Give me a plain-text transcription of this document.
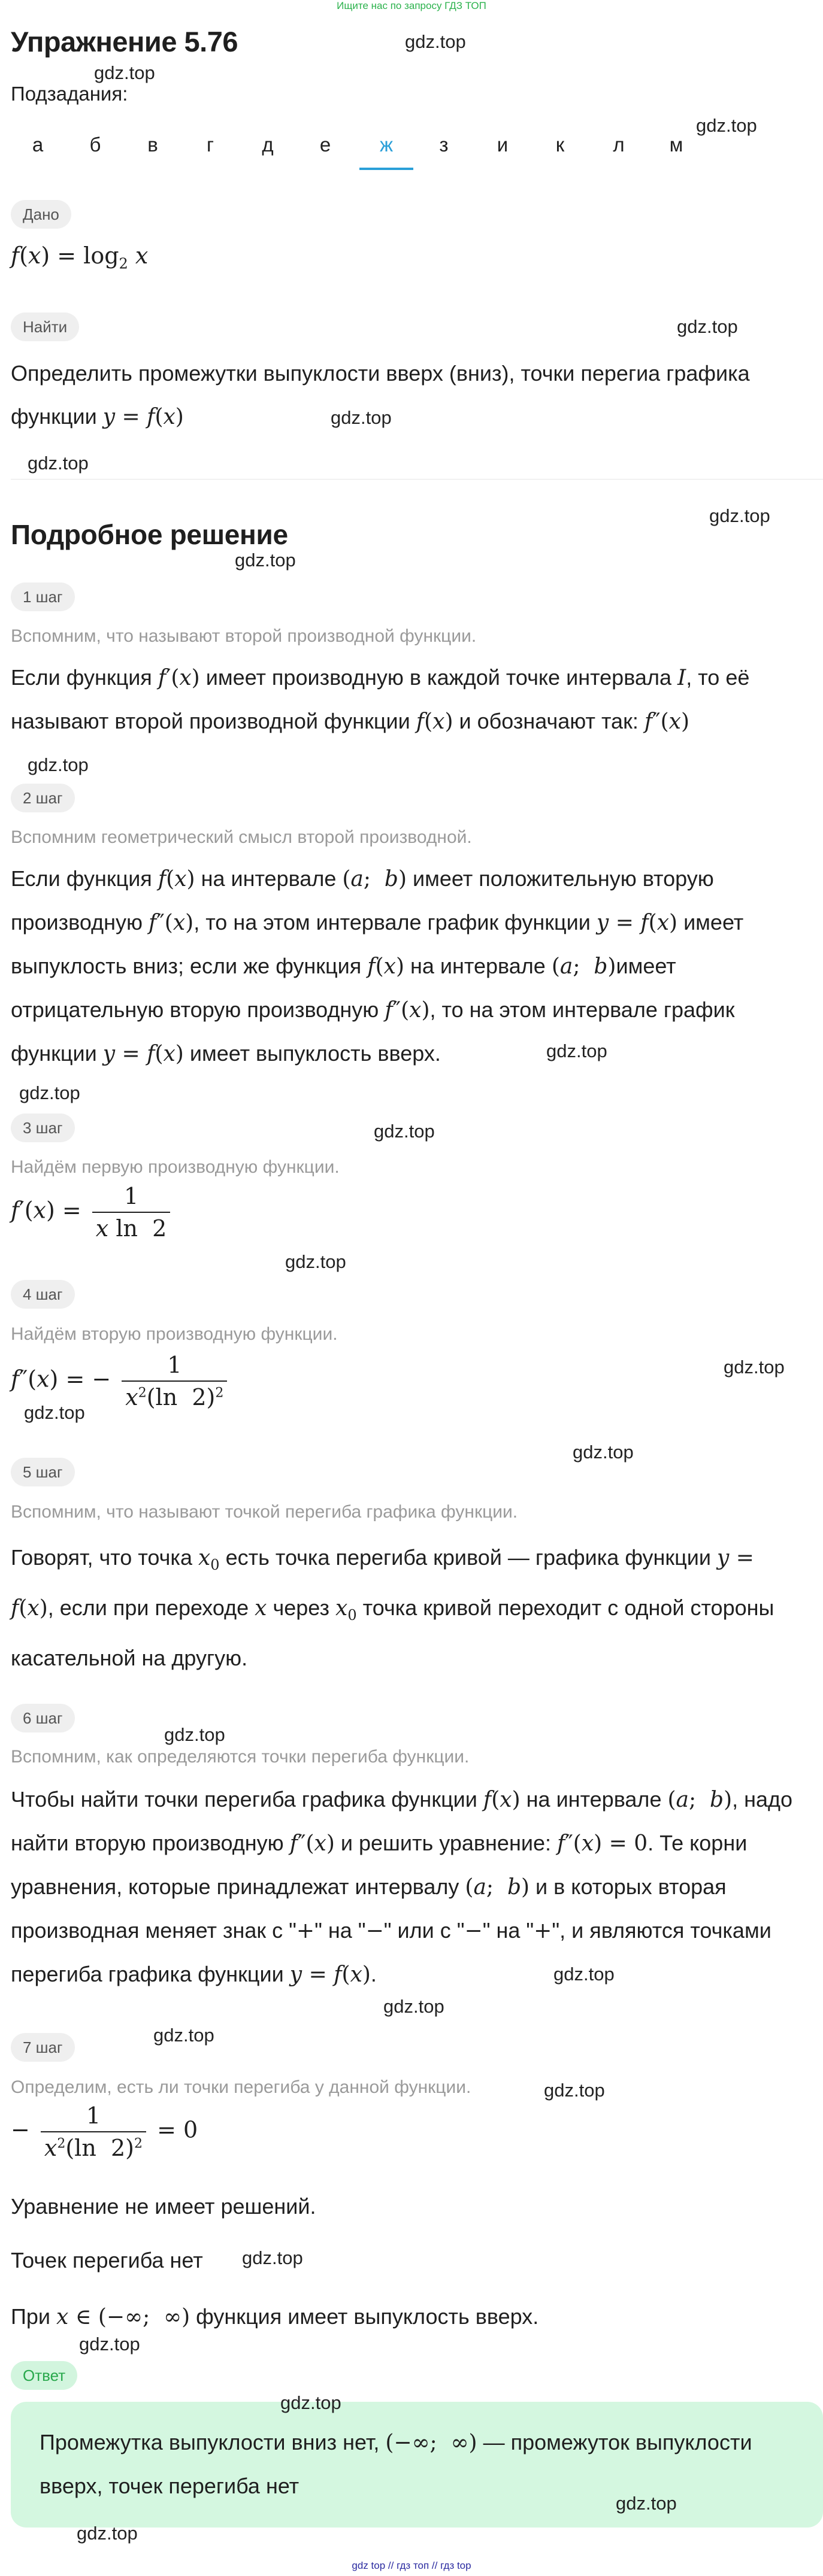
Ищите нас по запросу ГДЗ ТОП
Упражнение 5.76
Подзадания:
а	б	в	г	д	е	ж	з	и	к	л	м
Дано
$f(x) = \log_2 x$
Найти
Определить промежутки выпуклости вверх (вниз), точки перегиа графика
функции y = f(x)
Подробное решение
1 шаг
Вспомним, что называют второй производной функции.
Если функция f′(x) имеет производную в каждой точке интервала I, то её
называют второй производной функции f(x) и обозначают так: f″(x)
2 шаг
Вспомним геометрический смысл второй производной.
Если функция f(x) на интервале (a;  b) имеет положительную вторую
производную f″(x), то на этом интервале график функции y = f(x) имеет
выпуклость вниз; если же функция f(x) на интервале (a;  b)имеет
отрицательную вторую производную f″(x), то на этом интервале график
функции y = f(x) имеет выпуклость вверх.
3 шаг
Найдём первую производную функции.
$f'(x) = \frac{1}{\text{x ln  2}}$
4 шаг
Найдём вторую производную функции.
f″(x) = − $\frac{1}{x^2(\ln 2)^2}$
5 шаг
Вспомним, что называют точкой перегиба графика функции.
Говорят, что точка $x_0$ есть точка перегиба кривой — графика функции y =
f(x), если при переходе x через $x_0$ точка кривой переходит с одной стороны
касательной на другую.
6 шаг
Вспомним, как определяются точки перегиба функции.
Чтобы найти точки перегиба графика функции f(x) на интервале (a;  b), надо
найти вторую производную f″(x) и решить уравнение: f″(x) = 0. Те корни
уравнения, которые принадлежат интервалу (a;  b) и в которых вторая
производная меняет знак с "+" на "−" или с "−" на "+", и являются точками
перегиба графика функции y = f(x).
7 шаг
Определим, есть ли точки перегиба у данной функции.
− $\frac{1}{x^2(\ln 2)^2} = 0$
Уравнение не имеет решений.
Точек перегиба нет
При x ∈ (−∞;  ∞) функция имеет выпуклость вверх.
Ответ
Промежутка выпуклости вниз нет, (−∞;  ∞) — промежуток выпуклости
вверх, точек перегиба нет
gdz.top
gdz.top
gdz.top
gdz.top
gdz.top
gdz.top
gdz.top
gdz.top
gdz.top
gdz.top
gdz.top
gdz.top
gdz.top
gdz.top
gdz.top
gdz.top
gdz.top
gdz.top
gdz.top
gdz.top
gdz.top
gdz.top
gdz.top
gdz.top
gdz.top
gdz.top
gdz top // гдз топ // гдз top
